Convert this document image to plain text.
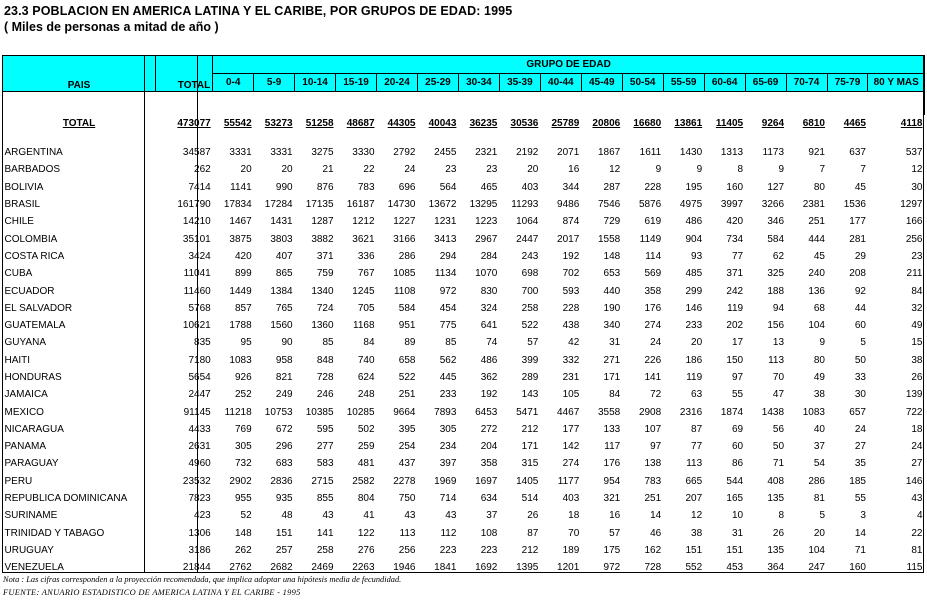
23.3 POBLACION EN AMERICA LATINA Y EL CARIBE, POR GRUPOS DE EDAD: 1995
( Miles de personas a mitad de año )
PAIS	TOTAL	GRUPO DE EDAD																
		0-4	5-9	10-14	15-19	20-24	25-29	30-34	35-39	40-44	45-49	50-54	55-59	60-64	65-69	70-74	75-79	80 Y MAS

TOTAL	473077	55542	53273	51258	48687	44305	40043	36235	30536	25789	20806	16680	13861	11405	9264	6810	4465	4118

ARGENTINA	34587	3331	3331	3275	3330	2792	2455	2321	2192	2071	1867	1611	1430	1313	1173	921	637	537
BARBADOS	262	20	20	21	22	24	23	23	20	16	12	9	9	8	9	7	7	12
BOLIVIA	7414	1141	990	876	783	696	564	465	403	344	287	228	195	160	127	80	45	30
BRASIL	161790	17834	17284	17135	16187	14730	13672	13295	11293	9486	7546	5876	4975	3997	3266	2381	1536	1297
CHILE	14210	1467	1431	1287	1212	1227	1231	1223	1064	874	729	619	486	420	346	251	177	166
COLOMBIA	35101	3875	3803	3882	3621	3166	3413	2967	2447	2017	1558	1149	904	734	584	444	281	256
COSTA RICA	3424	420	407	371	336	286	294	284	243	192	148	114	93	77	62	45	29	23
CUBA	11041	899	865	759	767	1085	1134	1070	698	702	653	569	485	371	325	240	208	211
ECUADOR	11460	1449	1384	1340	1245	1108	972	830	700	593	440	358	299	242	188	136	92	84
EL SALVADOR	5768	857	765	724	705	584	454	324	258	228	190	176	146	119	94	68	44	32
GUATEMALA	10621	1788	1560	1360	1168	951	775	641	522	438	340	274	233	202	156	104	60	49
GUYANA	835	95	90	85	84	89	85	74	57	42	31	24	20	17	13	9	5	15
HAITI	7180	1083	958	848	740	658	562	486	399	332	271	226	186	150	113	80	50	38
HONDURAS	5654	926	821	728	624	522	445	362	289	231	171	141	119	97	70	49	33	26
JAMAICA	2447	252	249	246	248	251	233	192	143	105	84	72	63	55	47	38	30	139
MEXICO	91145	11218	10753	10385	10285	9664	7893	6453	5471	4467	3558	2908	2316	1874	1438	1083	657	722
NICARAGUA	4433	769	672	595	502	395	305	272	212	177	133	107	87	69	56	40	24	18
PANAMA	2631	305	296	277	259	254	234	204	171	142	117	97	77	60	50	37	27	24
PARAGUAY	4960	732	683	583	481	437	397	358	315	274	176	138	113	86	71	54	35	27
PERU	23532	2902	2836	2715	2582	2278	1969	1697	1405	1177	954	783	665	544	408	286	185	146
REPUBLICA DOMINICANA	7823	955	935	855	804	750	714	634	514	403	321	251	207	165	135	81	55	43
SURINAME	423	52	48	43	41	43	43	37	26	18	16	14	12	10	8	5	3	4
TRINIDAD Y TABAGO	1306	148	151	141	122	113	112	108	87	70	57	46	38	31	26	20	14	22
URUGUAY	3186	262	257	258	276	256	223	223	212	189	175	162	151	151	135	104	71	81
VENEZUELA	21844	2762	2682	2469	2263	1946	1841	1692	1395	1201	972	728	552	453	364	247	160	115
Nota : Las cifras corresponden a la proyección recomendada, que implica adoptar una hipótesis media de fecundidad.
FUENTE: ANUARIO ESTADISTICO DE AMERICA LATINA Y EL CARIBE - 1995
